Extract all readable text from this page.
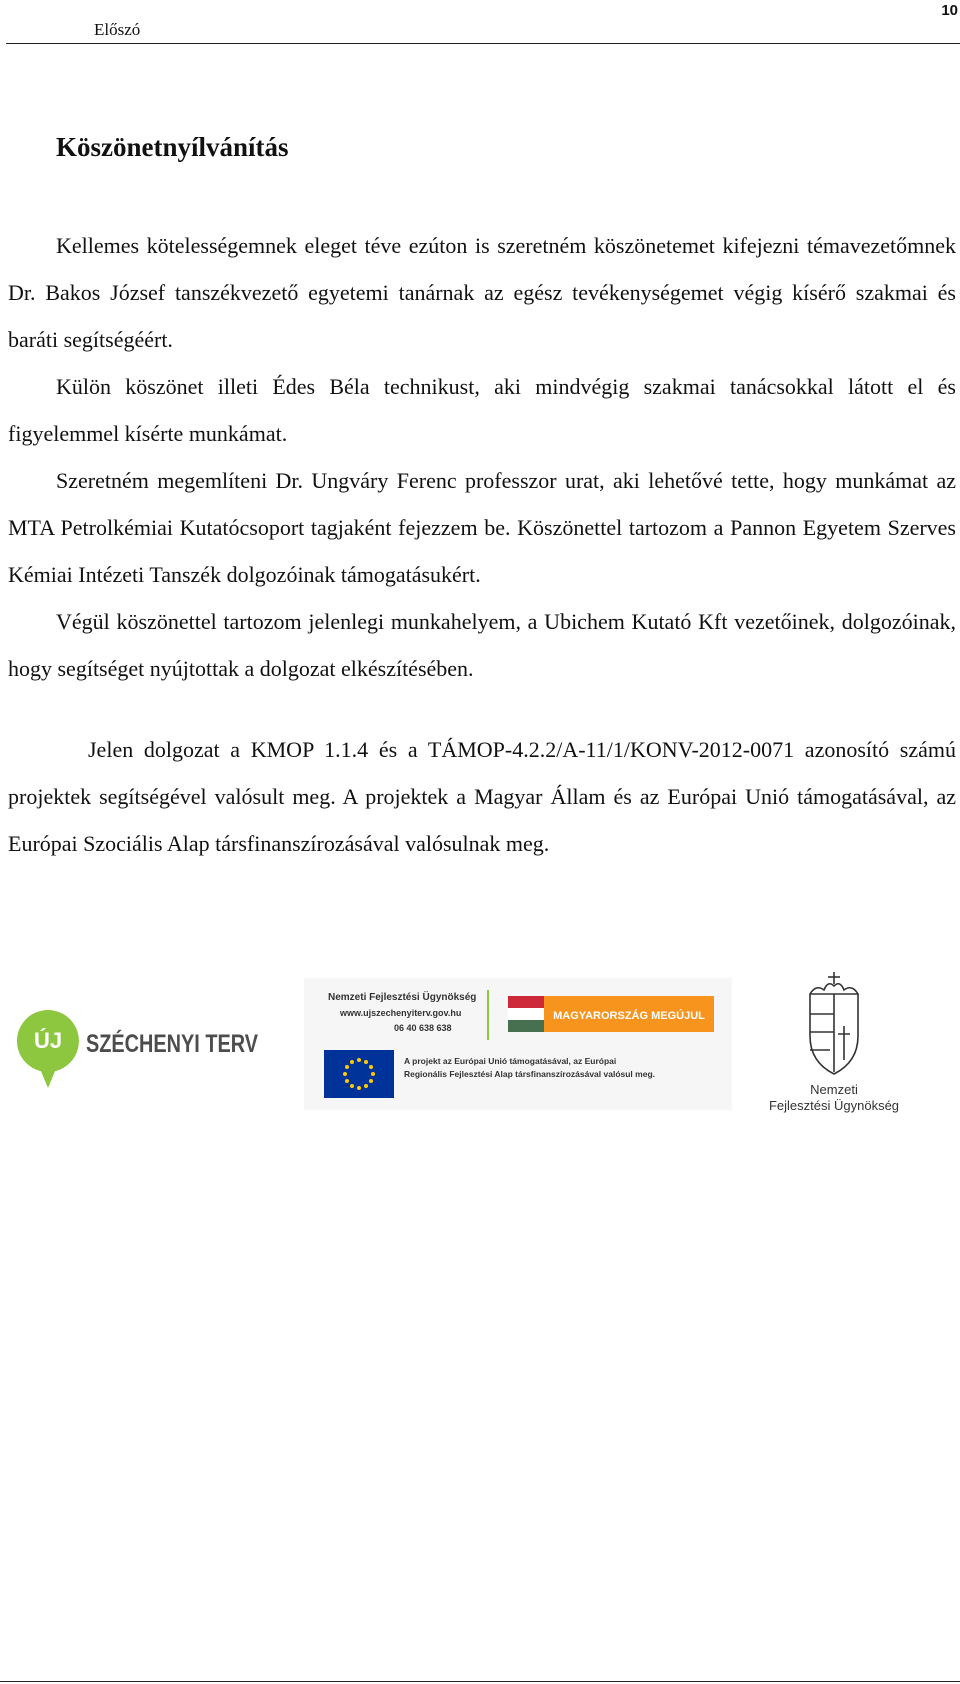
Előszó
10
Köszönetnyílvánítás

Kellemes kötelességemnek eleget téve ezúton is szeretném köszönetemet kifejezni témavezetőmnek Dr. Bakos József tanszékvezető egyetemi tanárnak az egész tevékenységemet végig kísérő szakmai és baráti segítségéért.

Külön köszönet illeti Édes Béla technikust, aki mindvégig szakmai tanácsokkal látott el és figyelemmel kísérte munkámat.

Szeretném megemlíteni Dr. Ungváry Ferenc professzor urat, aki lehetővé tette, hogy munkámat az MTA Petrolkémiai Kutatócsoport tagjaként fejezzem be. Köszönettel tartozom a Pannon Egyetem Szerves Kémiai Intézeti Tanszék dolgozóinak támogatásukért.

Végül köszönettel tartozom jelenlegi munkahelyem, a Ubichem Kutató Kft vezetőinek, dolgozóinak, hogy segítséget nyújtottak a dolgozat elkészítésében.

Jelen dolgozat a KMOP 1.1.4 és a TÁMOP-4.2.2/A-11/1/KONV-2012-0071 azonosító számú projektek segítségével valósult meg. A projektek a Magyar Állam és az Európai Unió támogatásával, az Európai Szociális Alap társfinanszírozásával valósulnak meg.

ÚJ SZÉCHENYI TERV
Nemzeti Fejlesztési Ügynökség
www.ujszechenyiterv.gov.hu
06 40 638 638
MAGYARORSZÁG MEGÚJUL
A projekt az Európai Unió támogatásával, az Európai
Regionális Fejlesztési Alap társfinanszírozásával valósul meg.
Nemzeti
Fejlesztési Ügynökség
